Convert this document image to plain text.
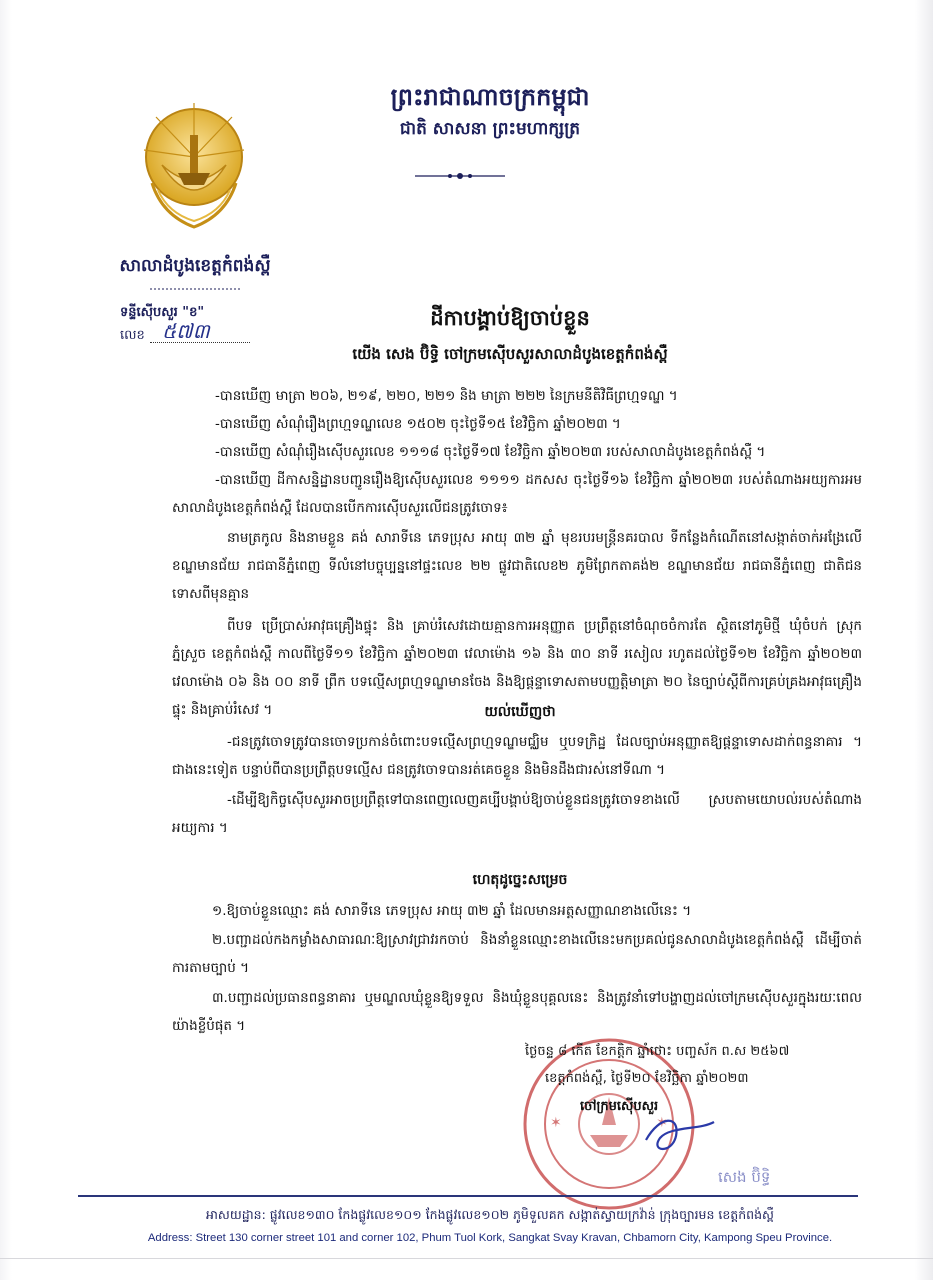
ព្រះរាជាណាចក្រកម្ពុជា
ជាតិ សាសនា ព្រះមហាក្សត្រ
សាលាដំបូងខេត្តកំពង់ស្ពឺ
ទន្ទីស៊ើបសួរ "ខ"
លេខ ៥៧៣
ដីកាបង្គាប់ឱ្យចាប់ខ្លួន
យើង សេង ប៊ិទ្ធិ ចៅក្រមស៊ើបសួរសាលាដំបូងខេត្តកំពង់ស្ពឺ
-បានឃើញ មាត្រា ២០៦, ២១៩, ២២០, ២២១ និង មាត្រា ២២២ នៃក្រមនីតិវិធីព្រហ្មទណ្ឌ ។
-បានឃើញ សំណុំរឿងព្រហ្មទណ្ឌលេខ ១៥០២ ចុះថ្ងៃទី១៥ ខែវិច្ឆិកា ឆ្នាំ២០២៣ ។
-បានឃើញ សំណុំរឿងស៊ើបសួរលេខ ១១១៨ ចុះថ្ងៃទី១៧ ខែវិច្ឆិកា ឆ្នាំ២០២៣ របស់សាលាដំបូងខេត្តកំពង់ស្ពឺ ។
-បានឃើញ ដីកាសន្និដ្ឋានបញ្ជូនរឿងឱ្យស៊ើបសួរលេខ ១១១១ ដកសស ចុះថ្ងៃទី១៦ ខែវិច្ឆិកា ឆ្នាំ២០២៣ របស់តំណាងអយ្យការអមសាលាដំបូងខេត្តកំពង់ស្ពឺ ដែលបានបើកការស៊ើបសួរលើជនត្រូវចោទ៖
នាមត្រកូល និងនាមខ្លួន គង់ សារាទីនេ ភេទប្រុស អាយុ ៣២ ឆ្នាំ មុខរបរមន្ត្រីនគរបាល ទីកន្លែងកំណើតនៅសង្កាត់ចាក់អង្រែលើ ខណ្ឌមានជ័យ រាជធានីភ្នំពេញ ទីលំនៅបច្ចុប្បន្ននៅផ្ទះលេខ ២២ ផ្លូវជាតិលេខ២ ភូមិព្រែកតាគង់២ ខណ្ឌមានជ័យ រាជធានីភ្នំពេញ ជាតិជន ទោសពីមុនគ្មាន
ពីបទ ប្រើប្រាស់អាវុធគ្រឿងផ្ទុះ និង គ្រាប់រំសេវដោយគ្មានការអនុញ្ញាត ប្រព្រឹត្តនៅចំណុចចំការតែ ស្ថិតនៅភូមិថ្មី ឃុំចំបក់ ស្រុកភ្នំស្រួច ខេត្តកំពង់ស្ពឺ កាលពីថ្ងៃទី១១ ខែវិច្ឆិកា ឆ្នាំ២០២៣ វេលាម៉ោង ១៦ និង ៣០ នាទី រសៀល រហូតដល់ថ្ងៃទី១២ ខែវិច្ឆិកា ឆ្នាំ២០២៣ វេលាម៉ោង ០៦ និង ០០ នាទី ព្រឹក បទល្មើសព្រហ្មទណ្ឌមានចែង និងឱ្យផ្តន្ទាទោសតាមបញ្ញត្តិមាត្រា ២០ នៃច្បាប់ស្តីពីការគ្រប់គ្រងអាវុធគ្រឿងផ្ទុះ និងគ្រាប់រំសេវ ។	យល់ឃើញថា
-ជនត្រូវចោទត្រូវបានចោទប្រកាន់ចំពោះបទល្មើសព្រហ្មទណ្ឌមជ្ឈិម ឬបទក្រិដ្ឋ ដែលច្បាប់អនុញ្ញាតឱ្យផ្តន្ទាទោសដាក់ពន្ធនាគារ ។ ជាងនេះទៀត បន្ទាប់ពីបានប្រព្រឹត្តបទល្មើស ជនត្រូវចោទបានរត់គេចខ្លួន និងមិនដឹងជារស់នៅទីណា ។
-ដើម្បីឱ្យកិច្ចស៊ើបសួរអាចប្រព្រឹត្តទៅបានពេញលេញគប្បីបង្គាប់ឱ្យចាប់ខ្លួនជនត្រូវចោទខាងលើ ស្របតាមយោបល់របស់តំណាងអយ្យការ ។
ហេតុដូច្នេះសម្រេច
១.ឱ្យចាប់ខ្លួនឈ្មោះ គង់ សារាទីនេ ភេទប្រុស អាយុ ៣២ ឆ្នាំ ដែលមានអត្តសញ្ញាណខាងលើនេះ ។
២.បញ្ជាដល់កងកម្លាំងសាធារណៈឱ្យស្រាវជ្រាវរកចាប់ និងនាំខ្លួនឈ្មោះខាងលើនេះមកប្រគល់ជូនសាលាដំបូងខេត្តកំពង់ស្ពឺ ដើម្បីចាត់ការតាមច្បាប់ ។
៣.បញ្ជាដល់ប្រធានពន្ធនាគារ ឬមណ្ឌលឃុំខ្លួនឱ្យទទួល និងឃុំខ្លួនបុគ្គលនេះ និងត្រូវនាំទៅបង្ហាញដល់ចៅក្រមស៊ើបសួរក្នុងរយៈពេលយ៉ាងខ្លីបំផុត ។
✶	✶
ថ្ងៃចន្ទ ៨ កើត ខែកត្តិក ឆ្នាំថោះ បញ្ចស័ក ព.ស ២៥៦៧
ខេត្តកំពង់ស្ពឺ, ថ្ងៃទី២០ ខែវិច្ឆិកា ឆ្នាំ២០២៣
ចៅក្រមស៊ើបសួរ
សេង ប៊ិទ្ធិ
អាសយដ្ឋាន: ផ្លូវលេខ១៣០ កែងផ្លូវលេខ១០១ កែងផ្លូវលេខ១០២ ភូមិទួលគក សង្កាត់ស្វាយក្រវ៉ាន់ ក្រុងច្បារមន ខេត្តកំពង់ស្ពឺ
Address: Street 130 corner street 101 and corner 102, Phum Tuol Kork, Sangkat Svay Kravan, Chbamorn City, Kampong Speu Province.
